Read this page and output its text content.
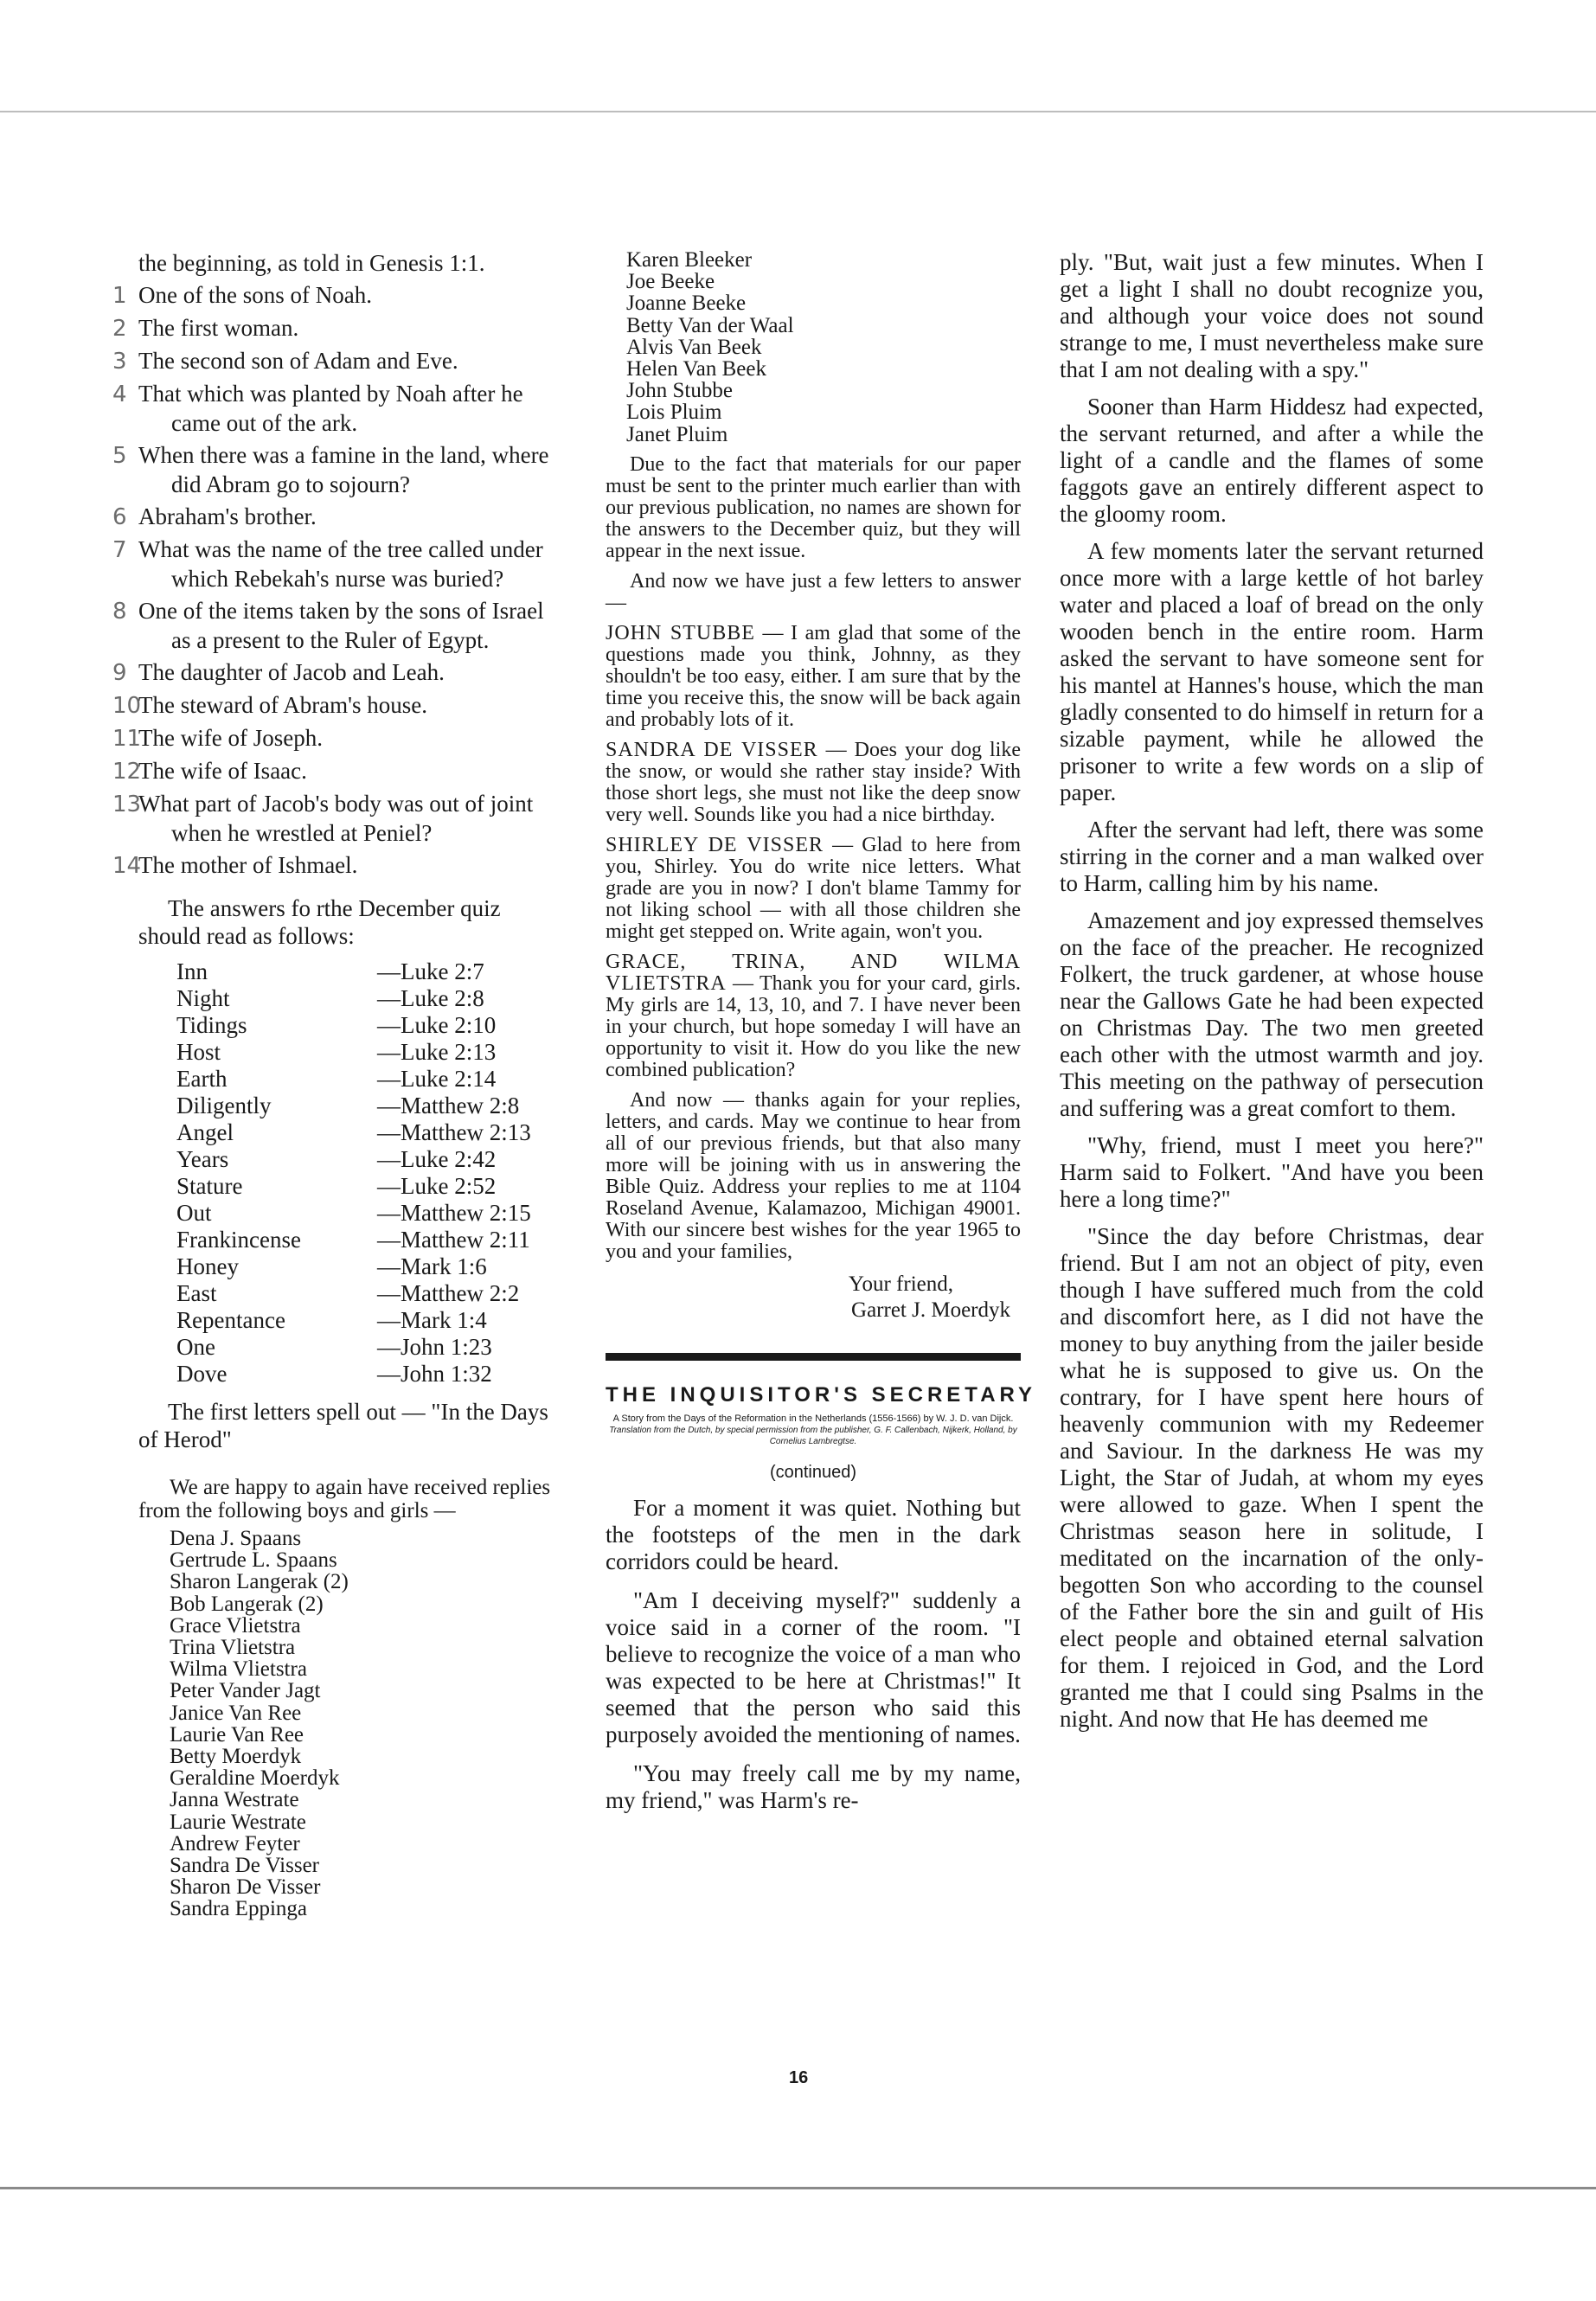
the beginning, as told in Genesis 1:1.

1 One of the sons of Noah.

2 The first woman.

3 The second son of Adam and Eve.

4 That which was planted by Noah after he came out of the ark.

5 When there was a famine in the land, where did Abram go to sojourn?

6 Abraham's brother.

7 What was the name of the tree called under which Rebekah's nurse was buried?

8 One of the items taken by the sons of Israel as a present to the Ruler of Egypt.

9 The daughter of Jacob and Leah.

10The steward of Abram's house.

11The wife of Joseph.

12The wife of Isaac.

13What part of Jacob's body was out of joint when he wrestled at Peniel?

14The mother of Ishmael.

The answers fo rthe December quiz should read as follows:

Inn	—Luke 2:7
Night	—Luke 2:8
Tidings	—Luke 2:10
Host	—Luke 2:13
Earth	—Luke 2:14
Diligently	—Matthew 2:8
Angel	—Matthew 2:13
Years	—Luke 2:42
Stature	—Luke 2:52
Out	—Matthew 2:15
Frankincense	—Matthew 2:11
Honey	—Mark 1:6
East	—Matthew 2:2
Repentance	—Mark 1:4
One	—John 1:23
Dove	—John 1:32

The first letters spell out — "In the Days of Herod"

We are happy to again have received replies from the following boys and girls —

Dena J. Spaans
Gertrude L. Spaans
Sharon Langerak (2)
Bob Langerak (2)
Grace Vlietstra
Trina Vlietstra
Wilma Vlietstra
Peter Vander Jagt
Janice Van Ree
Laurie Van Ree
Betty Moerdyk
Geraldine Moerdyk
Janna Westrate
Laurie Westrate
Andrew Feyter
Sandra De Visser
Sharon De Visser
Sandra Eppinga
Karen Bleeker
Joe Beeke
Joanne Beeke
Betty Van der Waal
Alvis Van Beek
Helen Van Beek
John Stubbe
Lois Pluim
Janet Pluim

Due to the fact that materials for our paper must be sent to the printer much earlier than with our previous publication, no names are shown for the answers to the December quiz, but they will appear in the next issue.

And now we have just a few letters to answer —

JOHN STUBBE — I am glad that some of the questions made you think, Johnny, as they shouldn't be too easy, either. I am sure that by the time you receive this, the snow will be back again and probably lots of it.

SANDRA DE VISSER — Does your dog like the snow, or would she rather stay inside? With those short legs, she must not like the deep snow very well. Sounds like you had a nice birthday.

SHIRLEY DE VISSER — Glad to here from you, Shirley. You do write nice letters. What grade are you in now? I don't blame Tammy for not liking school — with all those children she might get stepped on. Write again, won't you.

GRACE, TRINA, AND WILMA VLIETSTRA — Thank you for your card, girls. My girls are 14, 13, 10, and 7. I have never been in your church, but hope someday I will have an opportunity to visit it. How do you like the new combined publication?

And now — thanks again for your replies, letters, and cards. May we continue to hear from all of our previous friends, but that also many more will be joining with us in answering the Bible Quiz. Address your replies to me at 1104 Roseland Avenue, Kalamazoo, Michigan 49001. With our sincere best wishes for the year 1965 to you and your families,

Your friend,

Garret J. Moerdyk

THE INQUISITOR'S SECRETARY

A Story from the Days of the Reformation in the Netherlands (1556-1566) by W. J. D. van Dijck.

Translation from the Dutch, by special permission from the publisher, G. F. Callenbach, Nijkerk, Holland, by Cornelius Lambregtse.

(continued)

For a moment it was quiet. Nothing but the footsteps of the men in the dark corridors could be heard.

"Am I deceiving myself?" suddenly a voice said in a corner of the room. "I believe to recognize the voice of a man who was expected to be here at Christmas!" It seemed that the person who said this purposely avoided the mentioning of names.

"You may freely call me by my name, my friend," was Harm's re-

ply. "But, wait just a few minutes. When I get a light I shall no doubt recognize you, and although your voice does not sound strange to me, I must nevertheless make sure that I am not dealing with a spy."

Sooner than Harm Hiddesz had expected, the servant returned, and after a while the light of a candle and the flames of some faggots gave an entirely different aspect to the gloomy room.

A few moments later the servant returned once more with a large kettle of hot barley water and placed a loaf of bread on the only wooden bench in the entire room. Harm asked the servant to have someone sent for his mantel at Hannes's house, which the man gladly consented to do himself in return for a sizable payment, while he allowed the prisoner to write a few words on a slip of paper.

After the servant had left, there was some stirring in the corner and a man walked over to Harm, calling him by his name.

Amazement and joy expressed themselves on the face of the preacher. He recognized Folkert, the truck gardener, at whose house near the Gallows Gate he had been expected on Christmas Day. The two men greeted each other with the utmost warmth and joy. This meeting on the pathway of persecution and suffering was a great comfort to them.

"Why, friend, must I meet you here?" Harm said to Folkert. "And have you been here a long time?"

"Since the day before Christmas, dear friend. But I am not an object of pity, even though I have suffered much from the cold and discomfort here, as I did not have the money to buy anything from the jailer beside what he is supposed to give us. On the contrary, for I have spent here hours of heavenly communion with my Redeemer and Saviour. In the darkness He was my Light, the Star of Judah, at whom my eyes were allowed to gaze. When I spent the Christmas season here in solitude, I meditated on the incarnation of the only-begotten Son who according to the counsel of the Father bore the sin and guilt of His elect people and obtained eternal salvation for them. I rejoiced in God, and the Lord granted me that I could sing Psalms in the night. And now that He has deemed me

16
